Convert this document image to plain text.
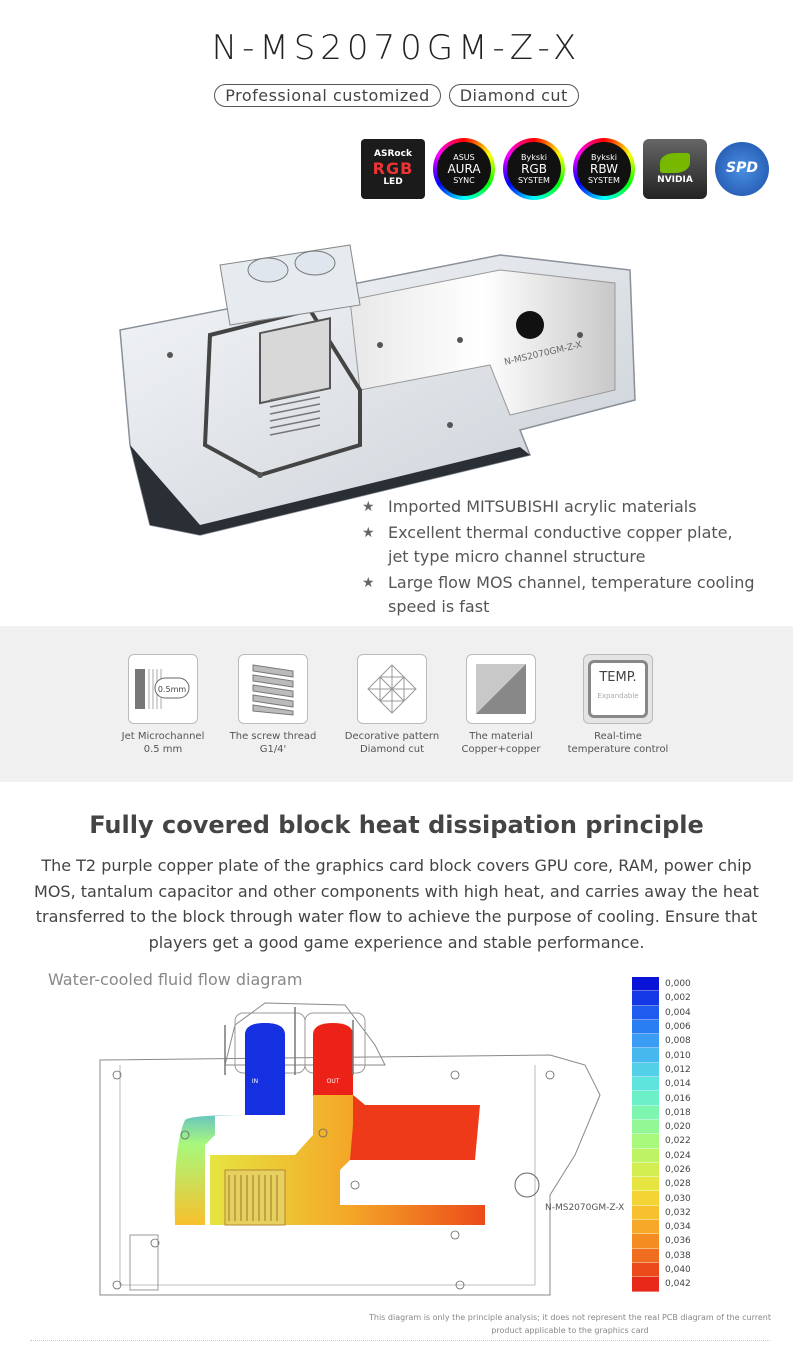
N-MS2070GM-Z-X
Professional customized	Diamond cut
ASRock
RGB
LED
ASUS
AURA
SYNC
Bykski
RGB
SYSTEM
Bykski
RBW
SYSTEM	NVIDIA
SPD
N-MS2070GM-Z-X
★ Imported MITSUBISHI acrylic materials
★ Excellent thermal conductive copper plate, jet type micro channel structure
★ Large flow MOS channel, temperature cooling speed is fast
0.5mm
Jet Microchannel
0.5 mm
The screw thread
G1/4'
Decorative pattern
Diamond cut
The material
Copper+copper
TEMP.
Expandable
Real-time
temperature control
Fully covered block heat dissipation principle
The T2 purple copper plate of the graphics card block covers GPU core, RAM, power chip MOS, tantalum capacitor and other components with high heat, and carries away the heat transferred to the block through water flow to achieve the purpose of cooling. Ensure that players get a good game experience and stable performance.
Water-cooled fluid flow diagram
IN	OUT
N-MS2070GM-Z-X
0,000
0,002
0,004
0,006
0,008
0,010
0,012
0,014
0,016
0,018
0,020
0,022
0,024
0,026
0,028
0,030
0,032
0,034
0,036
0,038
0,040
0,042
This diagram is only the principle analysis; it does not represent the real PCB diagram of the current product applicable to the graphics card
